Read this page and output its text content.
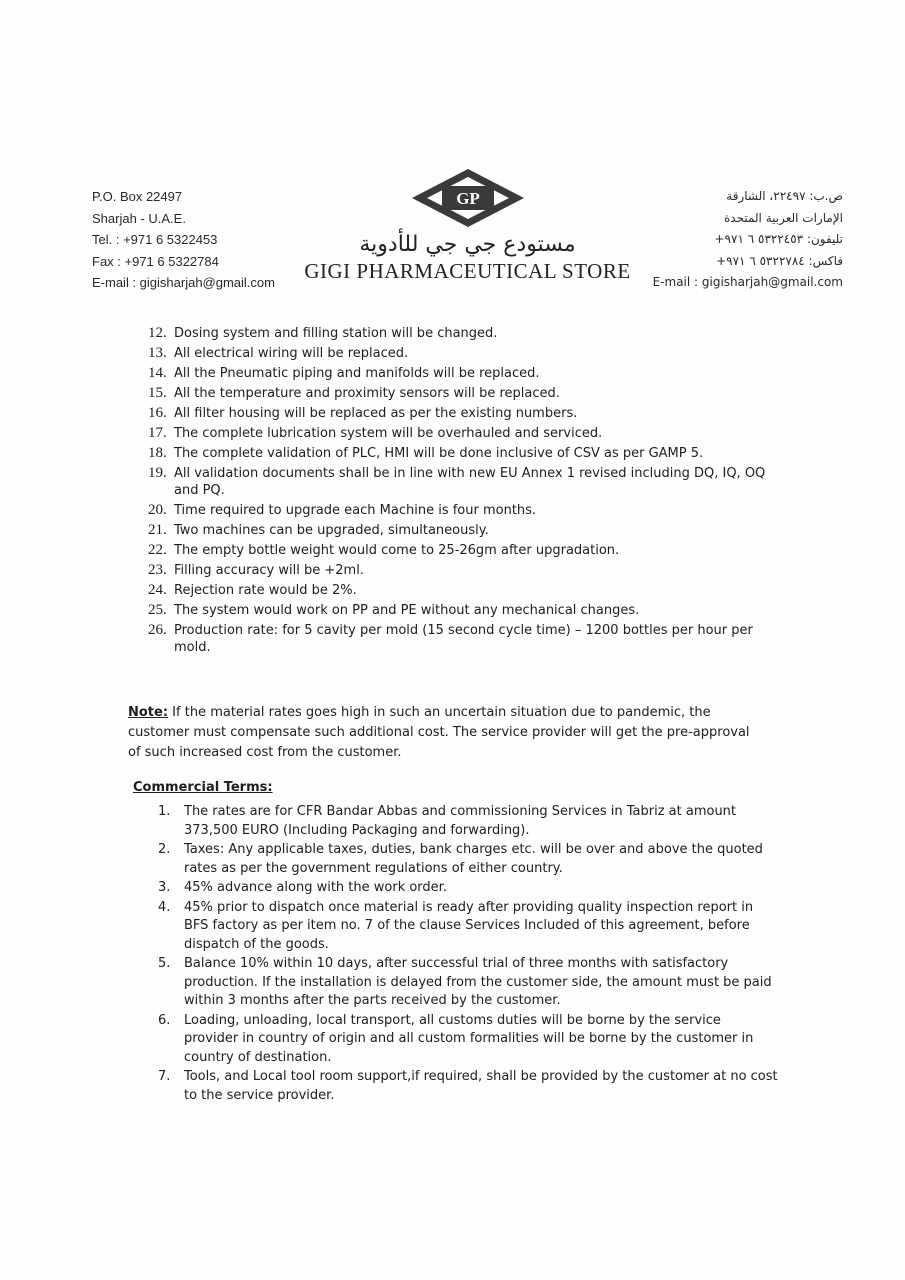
P.O. Box 22497
Sharjah - U.A.E.
Tel. : +971 6 5322453
Fax : +971 6 5322784
E-mail : gigisharjah@gmail.com
GP
مستودع جي جي للأدوية
GIGI PHARMACEUTICAL STORE
ص.ب: ٢٢٤٩٧، الشارقة
الإمارات العربية المتحدة
تليفون: ٥٣٢٢٤٥٣ ٦ ٩٧١+
فاكس: ٥٣٢٢٧٨٤ ٦ ٩٧١+
E-mail : gigisharjah@gmail.com
12. Dosing system and filling station will be changed.
13. All electrical wiring will be replaced.
14. All the Pneumatic piping and manifolds will be replaced.
15. All the temperature and proximity sensors will be replaced.
16. All filter housing will be replaced as per the existing numbers.
17. The complete lubrication system will be overhauled and serviced.
18. The complete validation of PLC, HMI will be done inclusive of CSV as per GAMP 5.
19. All validation documents shall be in line with new EU Annex 1 revised including DQ, IQ, OQ and PQ.
20. Time required to upgrade each Machine is four months.
21. Two machines can be upgraded, simultaneously.
22. The empty bottle weight would come to 25-26gm after upgradation.
23. Filling accuracy will be +2ml.
24. Rejection rate would be 2%.
25. The system would work on PP and PE without any mechanical changes.
26. Production rate: for 5 cavity per mold (15 second cycle time) – 1200 bottles per hour per mold.
Note: If the material rates goes high in such an uncertain situation due to pandemic, the customer must compensate such additional cost. The service provider will get the pre-approval of such increased cost from the customer.
Commercial Terms:
1.	The rates are for CFR Bandar Abbas and commissioning Services in Tabriz at amount 373,500 EURO (Including Packaging and forwarding).
2.	Taxes: Any applicable taxes, duties, bank charges etc. will be over and above the quoted rates as per the government regulations of either country.
3.	45% advance along with the work order.
4.	45% prior to dispatch once material is ready after providing quality inspection report in BFS factory as per item no. 7 of the clause Services Included of this agreement, before dispatch of the goods.
5.	Balance 10% within 10 days, after successful trial of three months with satisfactory production. If the installation is delayed from the customer side, the amount must be paid within 3 months after the parts received by the customer.
6.	Loading, unloading, local transport, all customs duties will be borne by the service provider in country of origin and all custom formalities will be borne by the customer in country of destination.
7.	Tools, and Local tool room support,if required, shall be provided by the customer at no cost to the service provider.
